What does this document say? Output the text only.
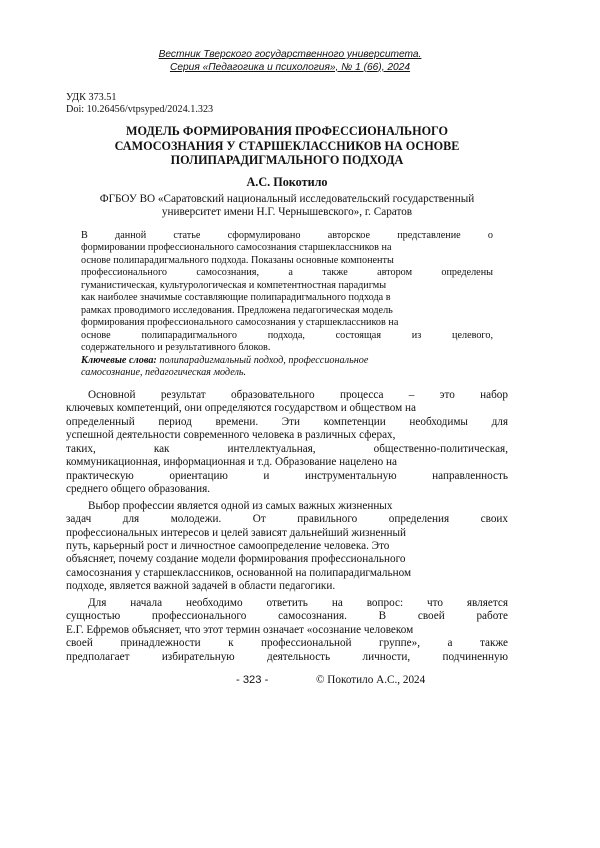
Вестник Тверского государственного университета.
Серия «Педагогика и психология», № 1 (66), 2024
УДК 373.51
Doi: 10.26456/vtpsyped/2024.1.323
МОДЕЛЬ ФОРМИРОВАНИЯ ПРОФЕССИОНАЛЬНОГО
САМОСОЗНАНИЯ У СТАРШЕКЛАССНИКОВ НА ОСНОВЕ
ПОЛИПАРАДИГМАЛЬНОГО ПОДХОДА
А.С. Покотило
ФГБОУ ВО «Саратовский национальный исследовательский государственный
университет имени Н.Г. Чернышевского», г. Саратов
В данной статье сформулировано авторское представление о
формировании профессионального самосознания старшеклассников на
основе полипарадигмального подхода. Показаны основные компоненты
профессионального самосознания, а также автором определены
гуманистическая, культурологическая и компетентностная парадигмы
как наиболее значимые составляющие полипарадигмального подхода в
рамках проводимого исследования. Предложена педагогическая модель
формирования профессионального самосознания у старшеклассников на
основе полипарадигмального подхода, состоящая из целевого,
содержательного и результативного блоков.
Ключевые слова: полипарадигмальный подход, профессиональное
самосознание, педагогическая модель.
Основной результат образовательного процесса – это набор
ключевых компетенций, они определяются государством и обществом на
определенный период времени. Эти компетенции необходимы для
успешной деятельности современного человека в различных сферах,
таких, как интеллектуальная, общественно-политическая,
коммуникационная, информационная и т.д. Образование нацелено на
практическую ориентацию и инструментальную направленность
среднего общего образования.
Выбор профессии является одной из самых важных жизненных
задач для молодежи. От правильного определения своих
профессиональных интересов и целей зависят дальнейший жизненный
путь, карьерный рост и личностное самоопределение человека. Это
объясняет, почему создание модели формирования профессионального
самосознания у старшеклассников, основанной на полипарадигмальном
подходе, является важной задачей в области педагогики.
Для начала необходимо ответить на вопрос: что является
сущностью профессионального самосознания. В своей работе
Е.Г. Ефремов объясняет, что этот термин означает «осознание человеком
своей принадлежности к профессиональной группе», а также
предполагает избирательную деятельность личности, подчиненную
- 323 -	© Покотило А.С., 2024
